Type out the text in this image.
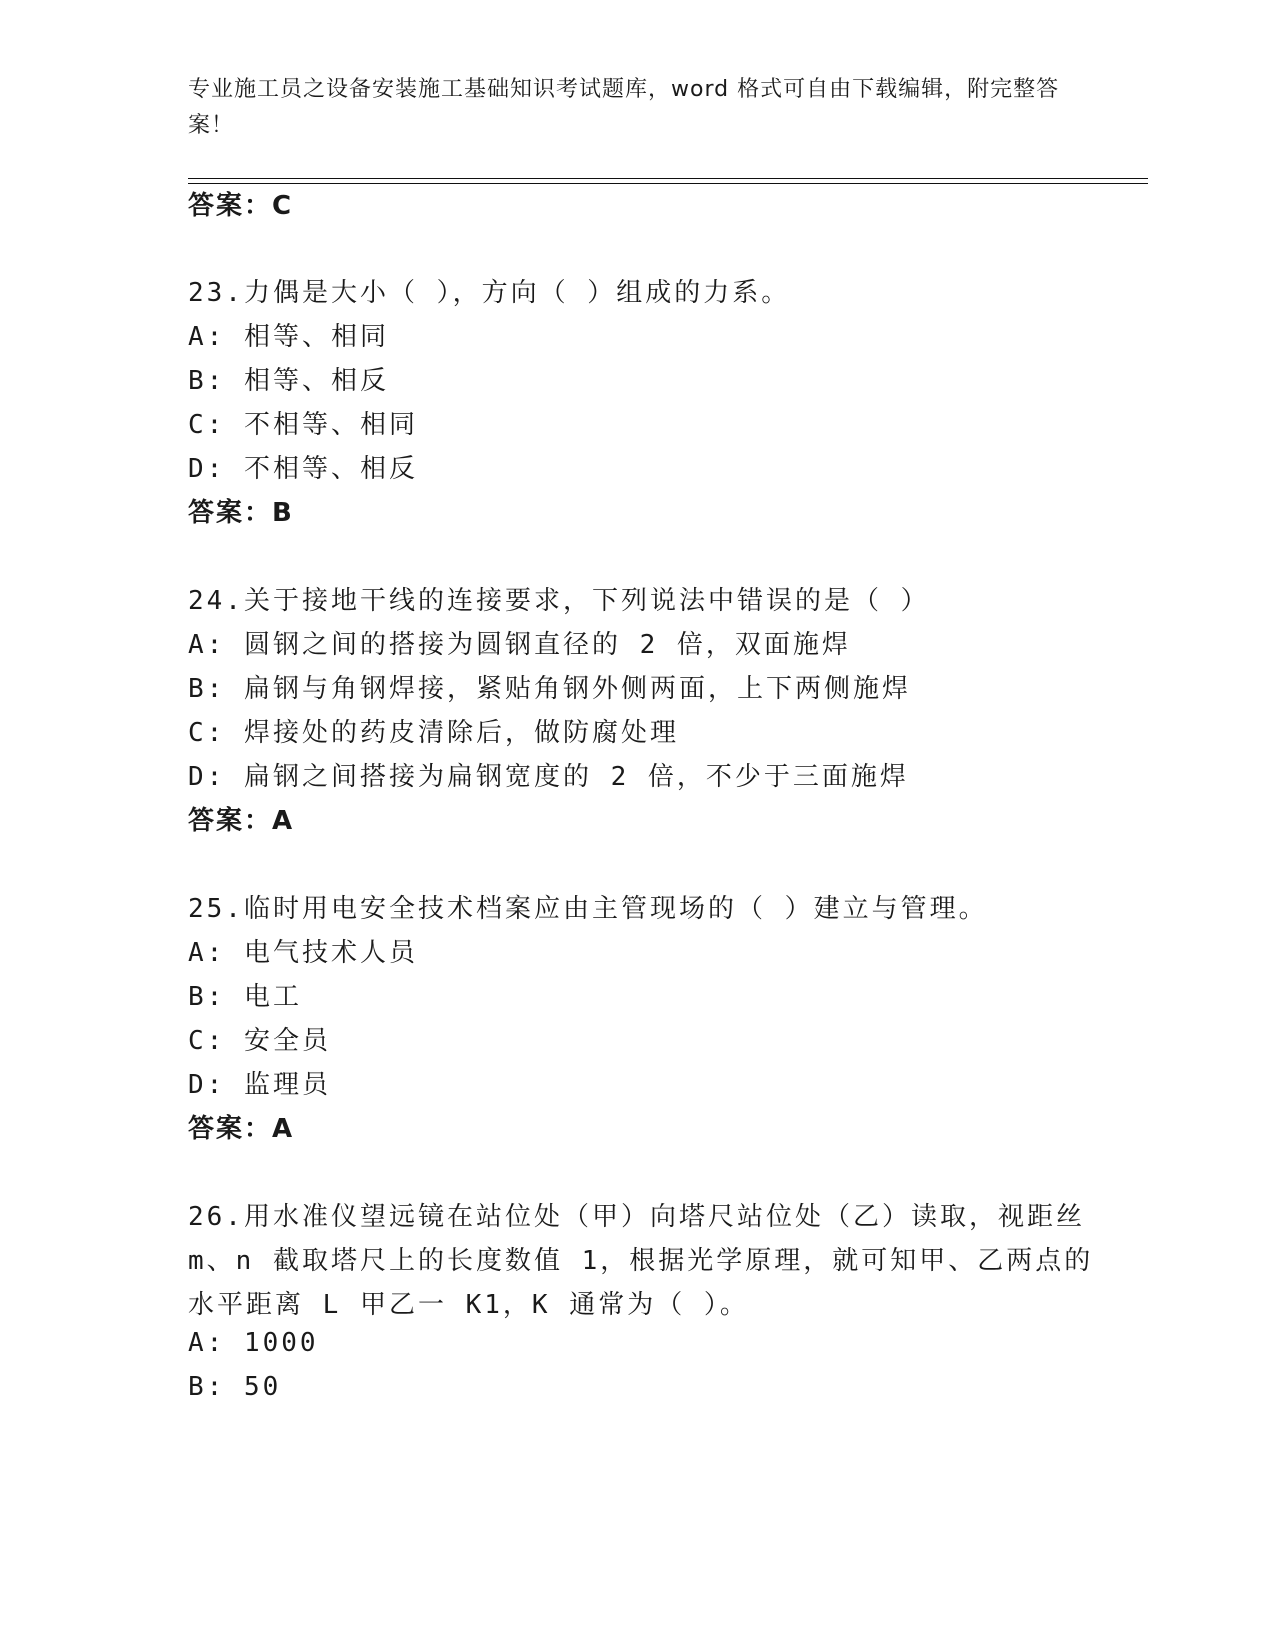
专业施工员之设备安装施工基础知识考试题库，word 格式可自由下载编辑，附完整答案！
答案：C
23.力偶是大小（ ），方向（ ）组成的力系。
A: 相等、相同
B: 相等、相反
C: 不相等、相同
D: 不相等、相反
答案：B
24.关于接地干线的连接要求，下列说法中错误的是（ ）
A: 圆钢之间的搭接为圆钢直径的 2 倍，双面施焊
B: 扁钢与角钢焊接，紧贴角钢外侧两面，上下两侧施焊
C: 焊接处的药皮清除后，做防腐处理
D: 扁钢之间搭接为扁钢宽度的 2 倍，不少于三面施焊
答案：A
25.临时用电安全技术档案应由主管现场的（ ）建立与管理。
A: 电气技术人员
B: 电工
C: 安全员
D: 监理员
答案：A
26.用水准仪望远镜在站位处（甲）向塔尺站位处（乙）读取，视距丝
m、n 截取塔尺上的长度数值 1，根据光学原理，就可知甲、乙两点的
水平距离 L 甲乙一 K1，K 通常为（ ）。
A: 1000
B: 50
